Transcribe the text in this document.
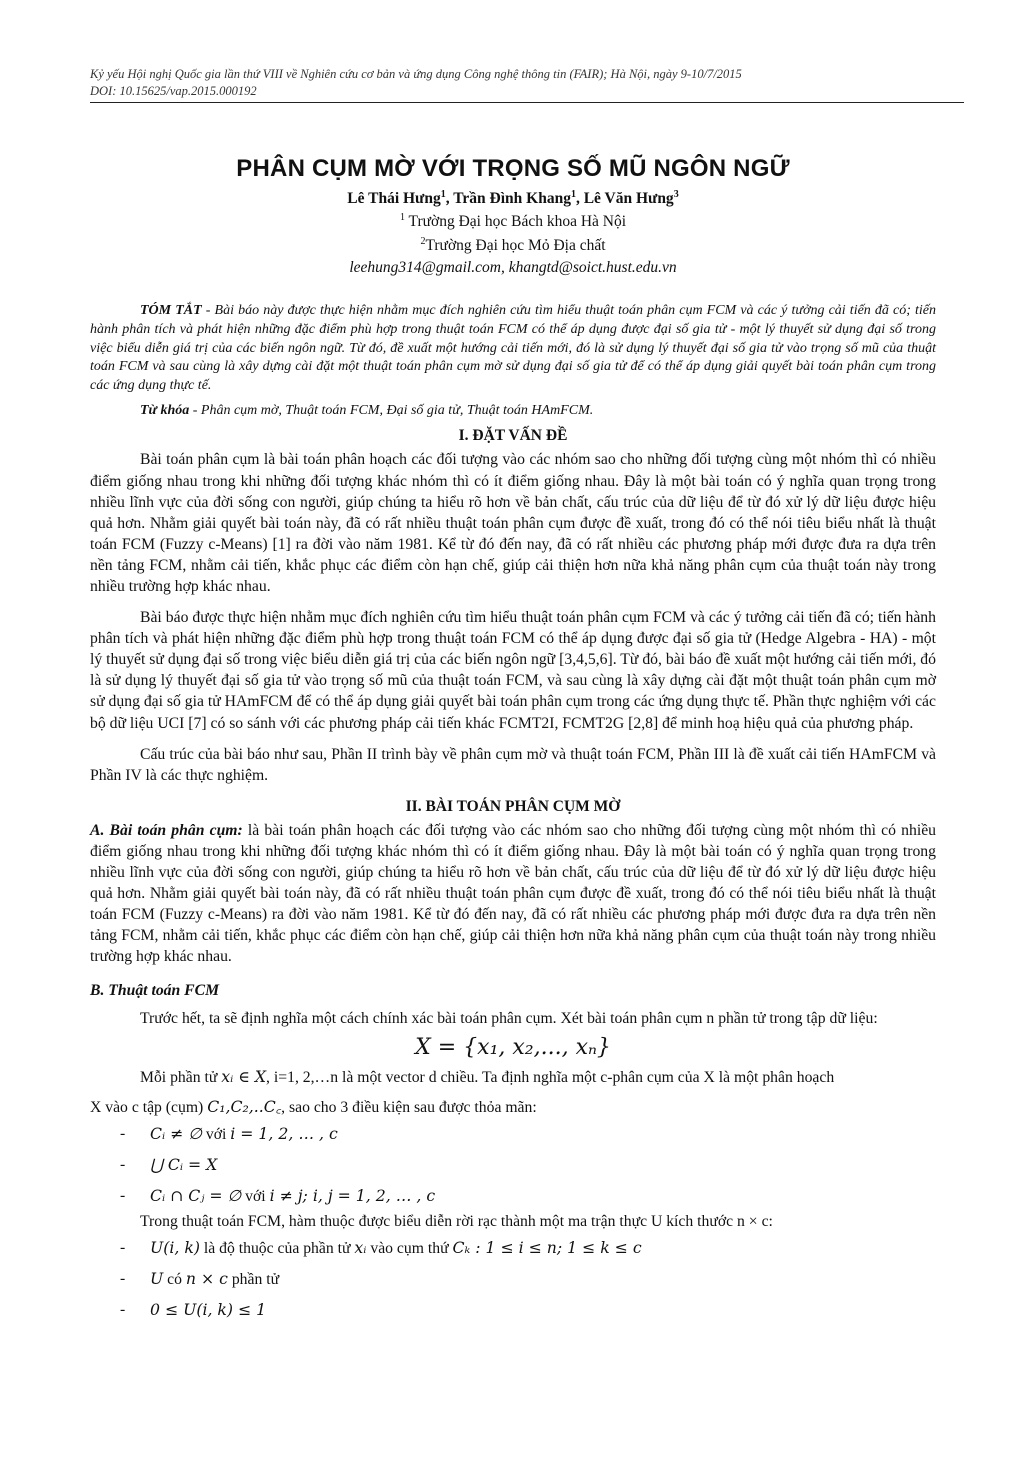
Kỷ yếu Hội nghị Quốc gia lần thứ VIII về Nghiên cứu cơ bản và ứng dụng Công nghệ thông tin (FAIR); Hà Nội, ngày 9-10/7/2015
DOI: 10.15625/vap.2015.000192
PHÂN CỤM MỜ VỚI TRỌNG SỐ MŨ NGÔN NGỮ
Lê Thái Hưng$^1$, Trần Đình Khang$^1$, Lê Văn Hưng$^3$
$^1$ Trường Đại học Bách khoa Hà Nội
$^2$Trường Đại học Mỏ Địa chất
leehung314@gmail.com, khangtd@soict.hust.edu.vn
TÓM TẮT - Bài báo này được thực hiện nhằm mục đích nghiên cứu tìm hiểu thuật toán phân cụm FCM và các ý tưởng cải tiến đã có; tiến hành phân tích và phát hiện những đặc điểm phù hợp trong thuật toán FCM có thể áp dụng được đại số gia tử - một lý thuyết sử dụng đại số trong việc biểu diễn giá trị của các biến ngôn ngữ. Từ đó, đề xuất một hướng cải tiến mới, đó là sử dụng lý thuyết đại số gia tử vào trọng số mũ của thuật toán FCM và sau cùng là xây dựng cài đặt một thuật toán phân cụm mờ sử dụng đại số gia tử để có thể áp dụng giải quyết bài toán phân cụm trong các ứng dụng thực tế.
Từ khóa - Phân cụm mờ, Thuật toán FCM, Đại số gia tử, Thuật toán HAmFCM.
I. ĐẶT VẤN ĐỀ

Bài toán phân cụm là bài toán phân hoạch các đối tượng vào các nhóm sao cho những đối tượng cùng một nhóm thì có nhiều điểm giống nhau trong khi những đối tượng khác nhóm thì có ít điểm giống nhau. Đây là một bài toán có ý nghĩa quan trọng trong nhiều lĩnh vực của đời sống con người, giúp chúng ta hiểu rõ hơn về bản chất, cấu trúc của dữ liệu để từ đó xử lý dữ liệu được hiệu quả hơn. Nhằm giải quyết bài toán này, đã có rất nhiều thuật toán phân cụm được đề xuất, trong đó có thể nói tiêu biểu nhất là thuật toán FCM (Fuzzy c-Means) [1] ra đời vào năm 1981. Kể từ đó đến nay, đã có rất nhiều các phương pháp mới được đưa ra dựa trên nền tảng FCM, nhằm cải tiến, khắc phục các điểm còn hạn chế, giúp cải thiện hơn nữa khả năng phân cụm của thuật toán này trong nhiều trường hợp khác nhau.

Bài báo được thực hiện nhằm mục đích nghiên cứu tìm hiểu thuật toán phân cụm FCM và các ý tưởng cải tiến đã có; tiến hành phân tích và phát hiện những đặc điểm phù hợp trong thuật toán FCM có thể áp dụng được đại số gia tử (Hedge Algebra - HA) - một lý thuyết sử dụng đại số trong việc biểu diễn giá trị của các biến ngôn ngữ [3,4,5,6]. Từ đó, bài báo đề xuất một hướng cải tiến mới, đó là sử dụng lý thuyết đại số gia tử vào trọng số mũ của thuật toán FCM, và sau cùng là xây dựng cài đặt một thuật toán phân cụm mờ sử dụng đại số gia tử HAmFCM để có thể áp dụng giải quyết bài toán phân cụm trong các ứng dụng thực tế. Phần thực nghiệm với các bộ dữ liệu UCI [7] có so sánh với các phương pháp cải tiến khác FCMT2I, FCMT2G [2,8] để minh hoạ hiệu quả của phương pháp.

Cấu trúc của bài báo như sau, Phần II trình bày về phân cụm mờ và thuật toán FCM, Phần III là đề xuất cải tiến HAmFCM và Phần IV là các thực nghiệm.

II. BÀI TOÁN PHÂN CỤM MỜ

A. Bài toán phân cụm: là bài toán phân hoạch các đối tượng vào các nhóm sao cho những đối tượng cùng một nhóm thì có nhiều điểm giống nhau trong khi những đối tượng khác nhóm thì có ít điểm giống nhau. Đây là một bài toán có ý nghĩa quan trọng trong nhiều lĩnh vực của đời sống con người, giúp chúng ta hiểu rõ hơn về bản chất, cấu trúc của dữ liệu để từ đó xử lý dữ liệu được hiệu quả hơn. Nhằm giải quyết bài toán này, đã có rất nhiều thuật toán phân cụm được đề xuất, trong đó có thể nói tiêu biểu nhất là thuật toán FCM (Fuzzy c-Means) ra đời vào năm 1981. Kể từ đó đến nay, đã có rất nhiều các phương pháp mới được đưa ra dựa trên nền tảng FCM, nhằm cải tiến, khắc phục các điểm còn hạn chế, giúp cải thiện hơn nữa khả năng phân cụm của thuật toán này trong nhiều trường hợp khác nhau.

B. Thuật toán FCM

Trước hết, ta sẽ định nghĩa một cách chính xác bài toán phân cụm. Xét bài toán phân cụm n phần tử trong tập dữ liệu:

X = {x₁, x₂,..., xₙ}

Mỗi phần tử xᵢ ∈ X, i=1, 2,…n là một vector d chiều. Ta định nghĩa một c-phân cụm của X là một phân hoạch

X vào c tập (cụm) C₁,C₂,..C꜀, sao cho 3 điều kiện sau được thỏa mãn:

- Cᵢ ≠ ∅ với i = 1, 2, … , c
- ⋃ Cᵢ = X
- Cᵢ ∩ Cⱼ = ∅ với i ≠ j; i, j = 1, 2, … , c

Trong thuật toán FCM, hàm thuộc được biểu diễn rời rạc thành một ma trận thực U kích thước n × c:

- U(i, k) là độ thuộc của phần tử xᵢ vào cụm thứ Cₖ : 1 ≤ i ≤ n; 1 ≤ k ≤ c
- U có n × c phần tử
- 0 ≤ U(i, k) ≤ 1
